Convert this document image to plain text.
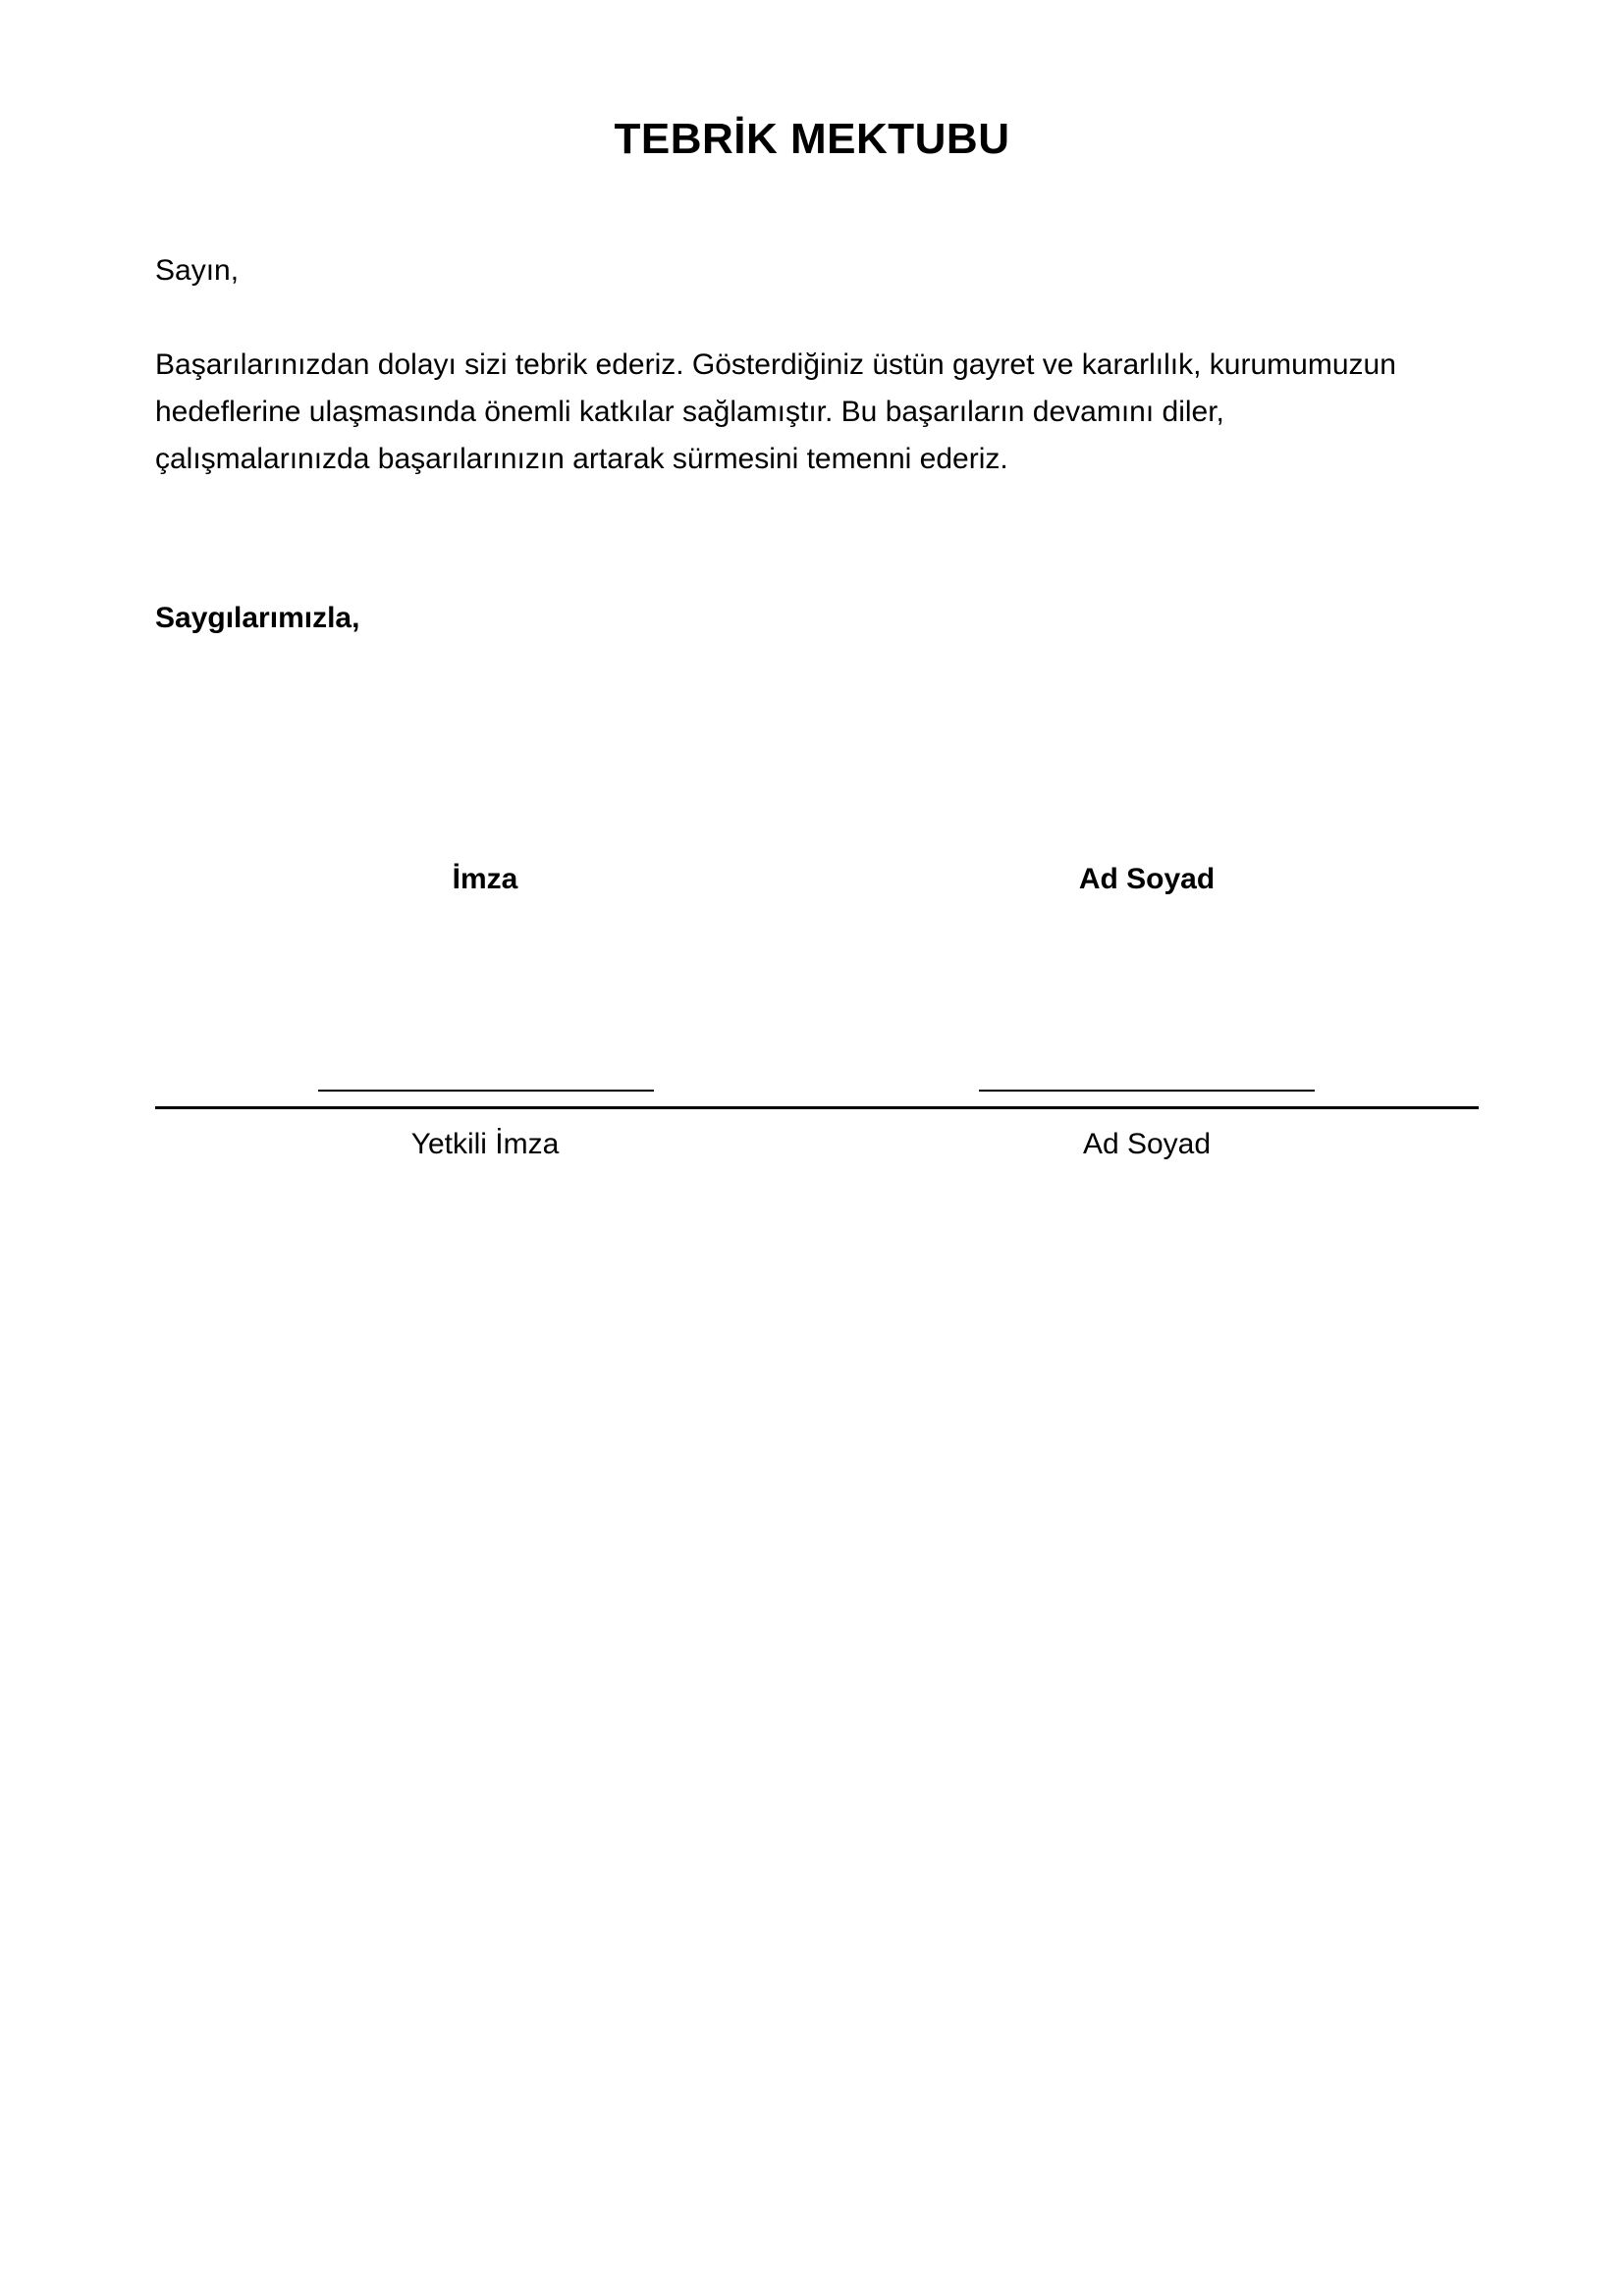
TEBRİK MEKTUBU
Sayın,
Başarılarınızdan dolayı sizi tebrik ederiz. Gösterdiğiniz üstün gayret ve kararlılık, kurumumuzun
hedeflerine ulaşmasında önemli katkılar sağlamıştır. Bu başarıların devamını diler,
çalışmalarınızda başarılarınızın artarak sürmesini temenni ederiz.
Saygılarımızla,
İmza	Ad Soyad
Yetkili İmza	Ad Soyad
